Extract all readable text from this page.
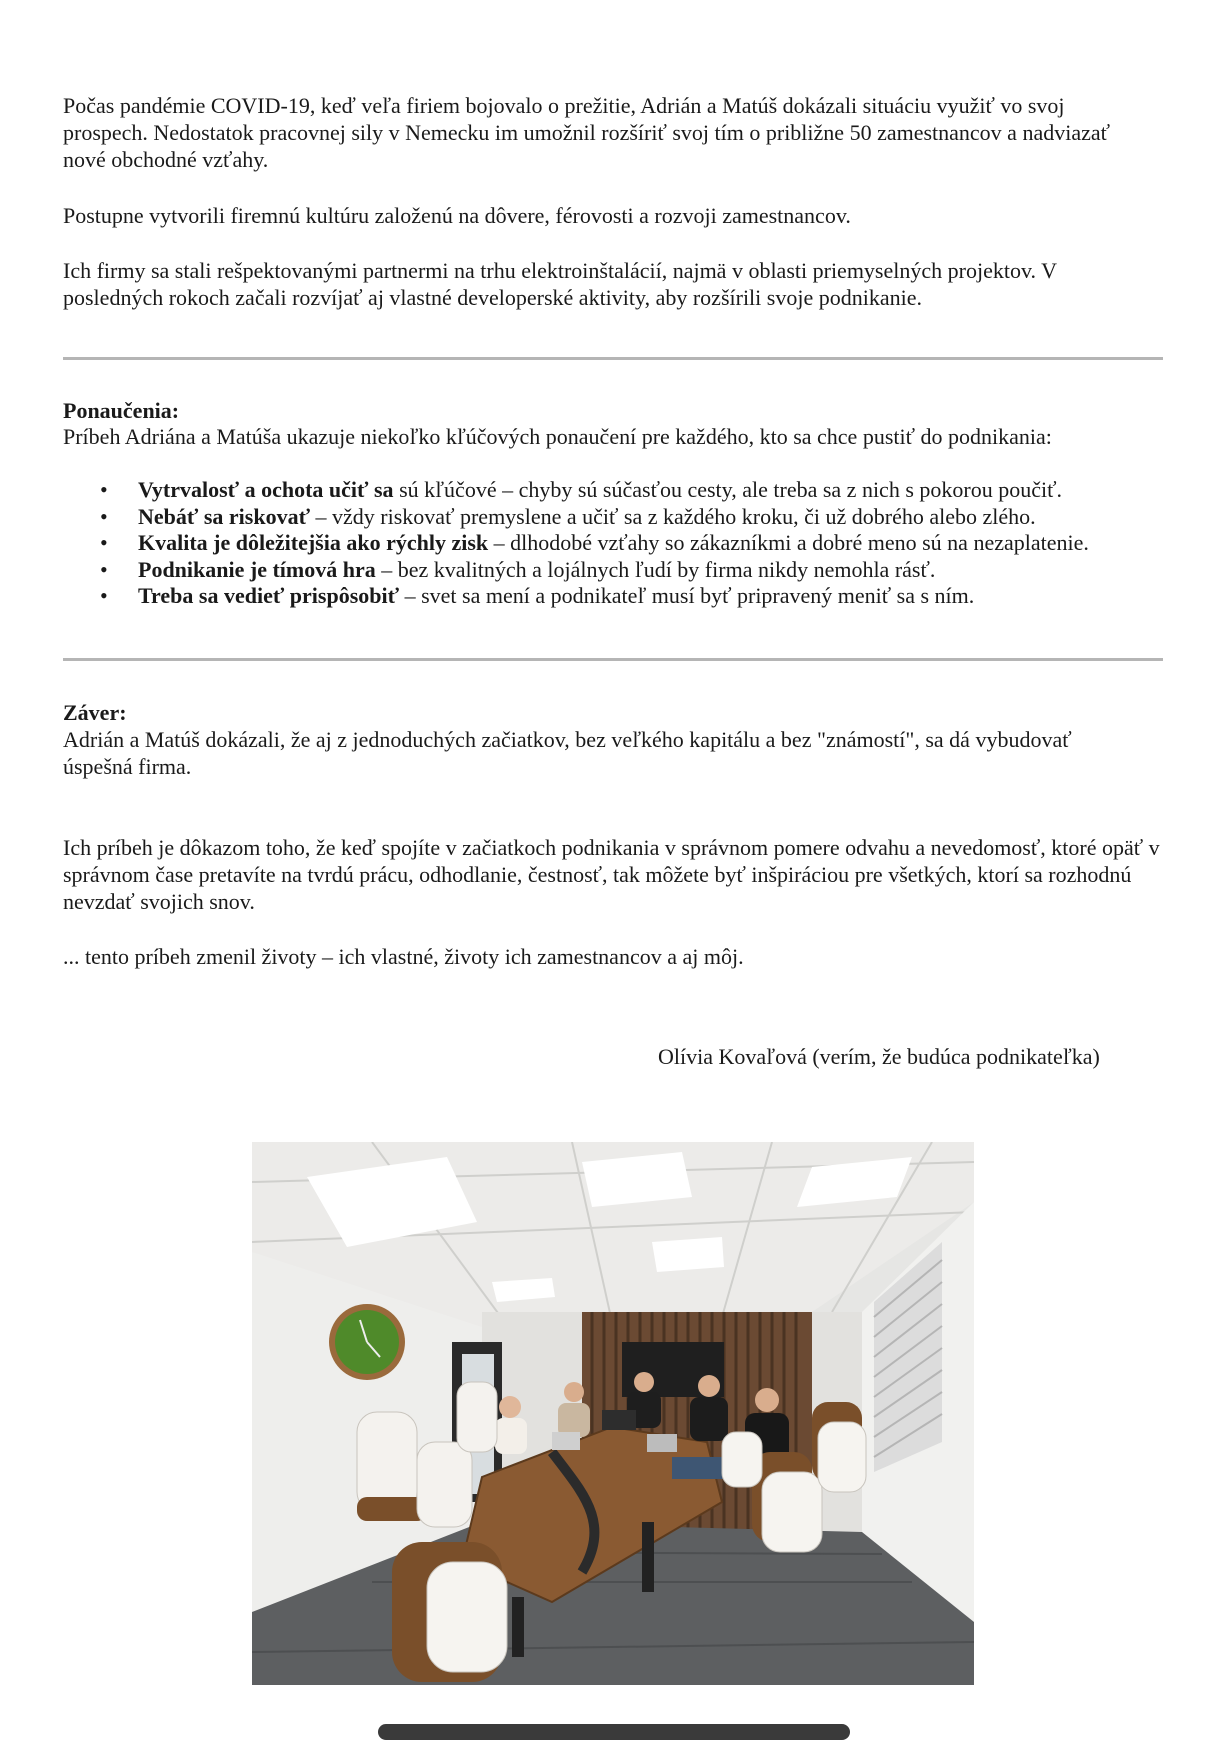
Počas pandémie COVID-19, keď veľa firiem bojovalo o prežitie, Adrián a Matúš dokázali situáciu využiť vo svoj prospech. Nedostatok pracovnej sily v Nemecku im umožnil rozšíriť svoj tím o približne 50 zamestnancov a nadviazať nové obchodné vzťahy.

Postupne vytvorili firemnú kultúru založenú na dôvere, férovosti a rozvoji zamestnancov.

Ich firmy sa stali rešpektovanými partnermi na trhu elektroinštalácií, najmä v oblasti priemyselných projektov. V posledných rokoch začali rozvíjať aj vlastné developerské aktivity, aby rozšírili svoje podnikanie.

Ponaučenia:

Príbeh Adriána a Matúša ukazuje niekoľko kľúčových ponaučení pre každého, kto sa chce pustiť do podnikania:

• Vytrvalosť a ochota učiť sa sú kľúčové – chyby sú súčasťou cesty, ale treba sa z nich s pokorou poučiť.
• Nebáť sa riskovať – vždy riskovať premyslene a učiť sa z každého kroku, či už dobrého alebo zlého.
• Kvalita je dôležitejšia ako rýchly zisk – dlhodobé vzťahy so zákazníkmi a dobré meno sú na nezaplatenie.
• Podnikanie je tímová hra – bez kvalitných a lojálnych ľudí by firma nikdy nemohla rásť.
• Treba sa vedieť prispôsobiť – svet sa mení a podnikateľ musí byť pripravený meniť sa s ním.

Záver:

Adrián a Matúš dokázali, že aj z jednoduchých začiatkov, bez veľkého kapitálu a bez "známostí", sa dá vybudovať úspešná firma.

Ich príbeh je dôkazom toho, že keď spojíte v začiatkoch podnikania v správnom pomere odvahu a nevedomosť, ktoré opäť v správnom čase pretavíte na tvrdú prácu, odhodlanie, čestnosť, tak môžete byť inšpiráciou pre všetkých, ktorí sa rozhodnú nevzdať svojich snov.

... tento príbeh zmenil životy – ich vlastné, životy ich zamestnancov a aj môj.

Olívia Kovaľová (verím, že budúca podnikateľka)
